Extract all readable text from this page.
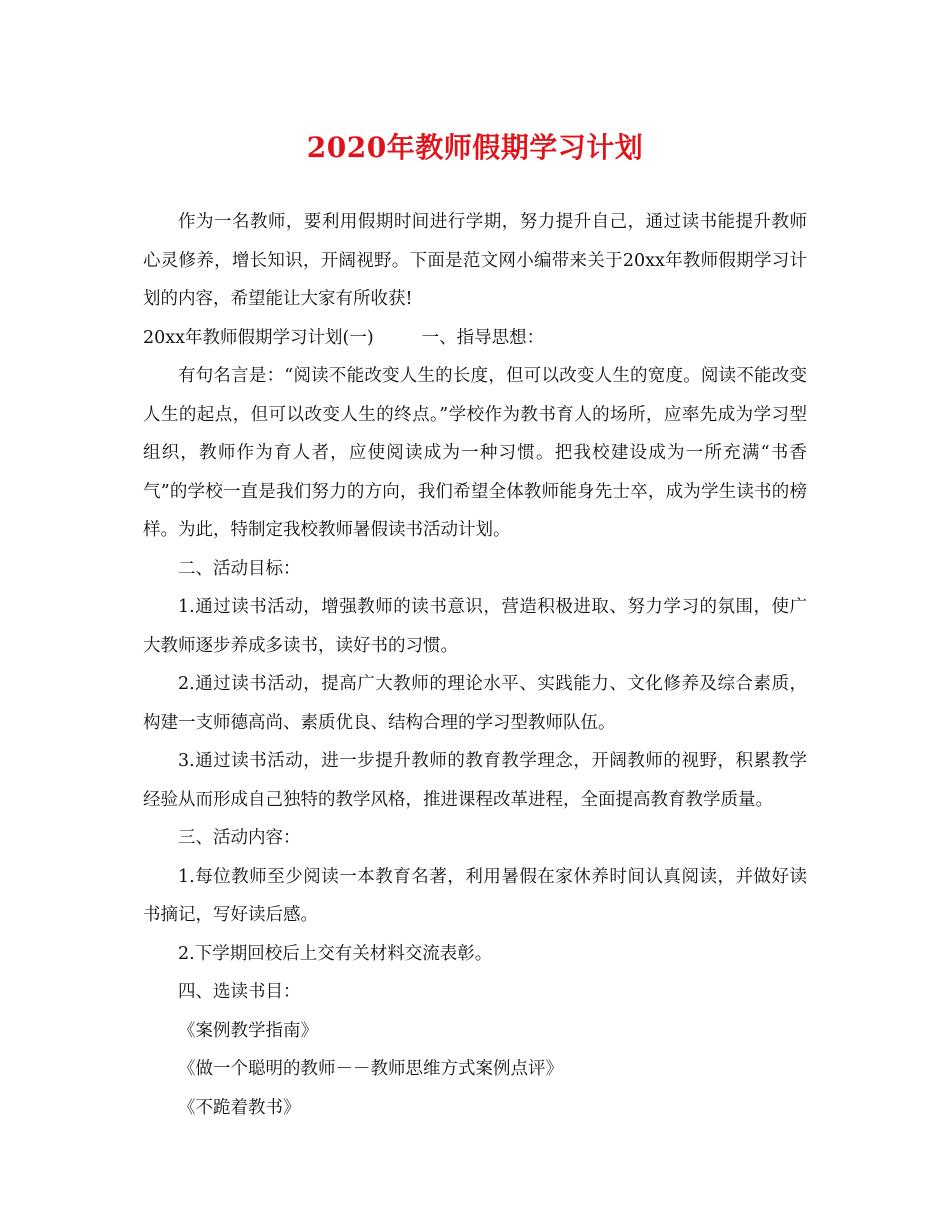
2020年教师假期学习计划

作为一名教师，要利用假期时间进行学期，努力提升自己，通过读书能提升教师心灵修养，增长知识，开阔视野。下面是范文网小编带来关于20xx年教师假期学习计划的内容，希望能让大家有所收获!

20xx年教师假期学习计划(一)	一、指导思想：

有句名言是：“阅读不能改变人生的长度，但可以改变人生的宽度。阅读不能改变人生的起点，但可以改变人生的终点。”学校作为教书育人的场所，应率先成为学习型组织，教师作为育人者，应使阅读成为一种习惯。把我校建设成为一所充满“书香气”的学校一直是我们努力的方向，我们希望全体教师能身先士卒，成为学生读书的榜样。为此，特制定我校教师暑假读书活动计划。

二、活动目标：

1.通过读书活动，增强教师的读书意识，营造积极进取、努力学习的氛围，使广大教师逐步养成多读书，读好书的习惯。

2.通过读书活动，提高广大教师的理论水平、实践能力、文化修养及综合素质，构建一支师德高尚、素质优良、结构合理的学习型教师队伍。

3.通过读书活动，进一步提升教师的教育教学理念，开阔教师的视野，积累教学经验从而形成自己独特的教学风格，推进课程改革进程，全面提高教育教学质量。

三、活动内容：

1.每位教师至少阅读一本教育名著，利用暑假在家休养时间认真阅读，并做好读书摘记，写好读后感。

2.下学期回校后上交有关材料交流表彰。

四、选读书目：

《案例教学指南》

《做一个聪明的教师－－教师思维方式案例点评》

《不跪着教书》
